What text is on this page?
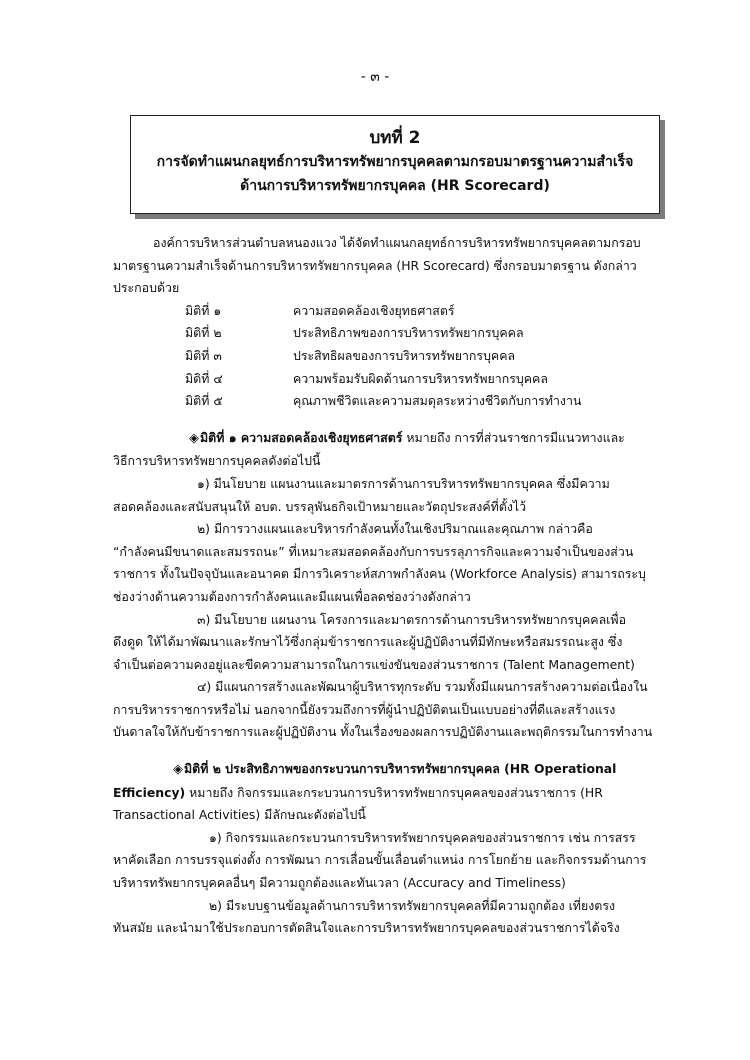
- ๓ -
บทที่ 2
การจัดทำแผนกลยุทธ์การบริหารทรัพยากรบุคคลตามกรอบมาตรฐานความสำเร็จ
ด้านการบริหารทรัพยากรบุคคล (HR Scorecard)

องค์การบริหารส่วนตำบลหนองแวง ได้จัดทำแผนกลยุทธ์การบริหารทรัพยากรบุคคลตามกรอบ

มาตรฐานความสำเร็จด้านการบริหารทรัพยากรบุคคล (HR Scorecard) ซึ่งกรอบมาตรฐาน ดังกล่าว

ประกอบด้วย

มิติที่ ๑	ความสอดคล้องเชิงยุทธศาสตร์
มิติที่ ๒	ประสิทธิภาพของการบริหารทรัพยากรบุคคล
มิติที่ ๓	ประสิทธิผลของการบริหารทรัพยากรบุคคล
มิติที่ ๔	ความพร้อมรับผิดด้านการบริหารทรัพยากรบุคคล
มิติที่ ๕	คุณภาพชีวิตและความสมดุลระหว่างชีวิตกับการทำงาน

◈มิติที่ ๑ ความสอดคล้องเชิงยุทธศาสตร์ หมายถึง การที่ส่วนราชการมีแนวทางและ

วิธีการบริหารทรัพยากรบุคคลดังต่อไปนี้

๑) มีนโยบาย แผนงานและมาตรการด้านการบริหารทรัพยากรบุคคล ซึ่งมีความ

สอดคล้องและสนับสนุนให้ อบต. บรรลุพันธกิจเป้าหมายและวัตถุประสงค์ที่ตั้งไว้

๒) มีการวางแผนและบริหารกำลังคนทั้งในเชิงปริมาณและคุณภาพ กล่าวคือ

“กำลังคนมีขนาดและสมรรถนะ” ที่เหมาะสมสอดคล้องกับการบรรลุภารกิจและความจำเป็นของส่วน

ราชการ ทั้งในปัจจุบันและอนาคต มีการวิเคราะห์สภาพกำลังคน (Workforce Analysis) สามารถระบุ

ช่องว่างด้านความต้องการกำลังคนและมีแผนเพื่อลดช่องว่างดังกล่าว

๓) มีนโยบาย แผนงาน โครงการและมาตรการด้านการบริหารทรัพยากรบุคคลเพื่อ

ดึงดูด ให้ได้มาพัฒนาและรักษาไว้ซึ่งกลุ่มข้าราชการและผู้ปฏิบัติงานที่มีทักษะหรือสมรรถนะสูง ซึ่ง

จำเป็นต่อความคงอยู่และขีดความสามารถในการแข่งขันของส่วนราชการ (Talent Management)

๔) มีแผนการสร้างและพัฒนาผู้บริหารทุกระดับ รวมทั้งมีแผนการสร้างความต่อเนื่องใน

การบริหารราชการหรือไม่ นอกจากนี้ยังรวมถึงการที่ผู้นำปฏิบัติตนเป็นแบบอย่างที่ดีและสร้างแรง

บันดาลใจให้กับข้าราชการและผู้ปฏิบัติงาน ทั้งในเรื่องของผลการปฏิบัติงานและพฤติกรรมในการทำงาน

◈มิติที่ ๒ ประสิทธิภาพของกระบวนการบริหารทรัพยากรบุคคล (HR Operational

Efficiency) หมายถึง กิจกรรมและกระบวนการบริหารทรัพยากรบุคคลของส่วนราชการ (HR

Transactional Activities) มีลักษณะดังต่อไปนี้

๑) กิจกรรมและกระบวนการบริหารทรัพยากรบุคคลของส่วนราชการ เช่น การสรร

หาคัดเลือก การบรรจุแต่งตั้ง การพัฒนา การเลื่อนขั้นเลื่อนตำแหน่ง การโยกย้าย และกิจกรรมด้านการ

บริหารทรัพยากรบุคคลอื่นๆ มีความถูกต้องและทันเวลา (Accuracy and Timeliness)

๒) มีระบบฐานข้อมูลด้านการบริหารทรัพยากรบุคคลที่มีความถูกต้อง เที่ยงตรง

ทันสมัย และนำมาใช้ประกอบการตัดสินใจและการบริหารทรัพยากรบุคคลของส่วนราชการได้จริง
